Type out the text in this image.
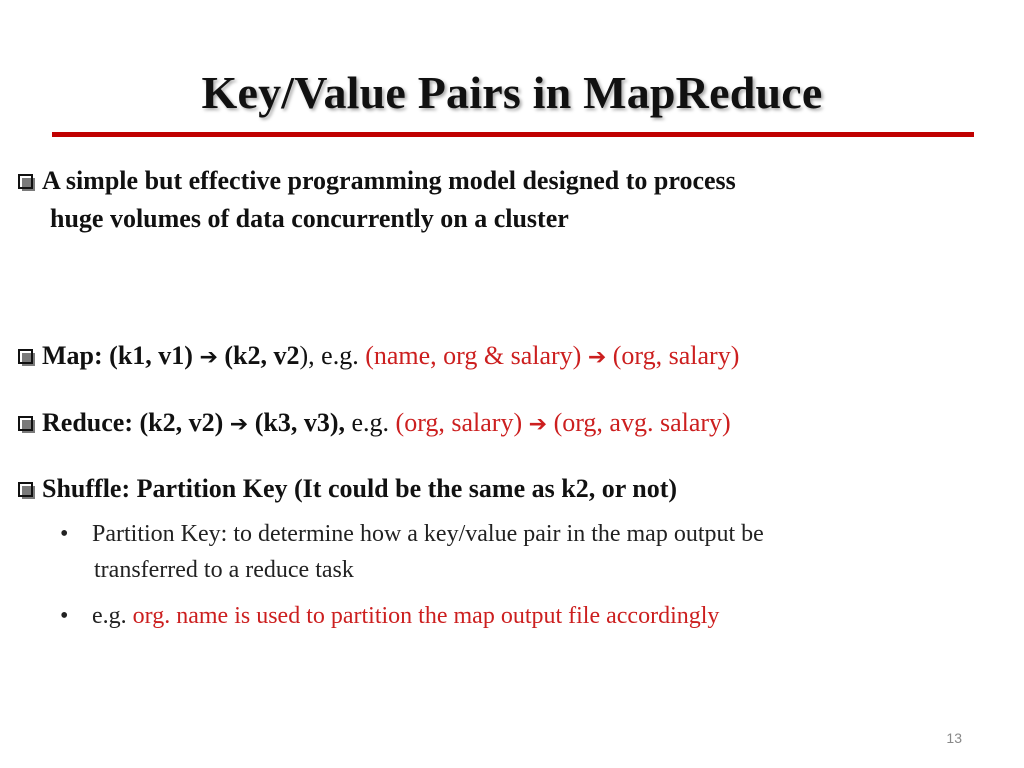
Key/Value Pairs in MapReduce
A simple but effective programming model designed to process
huge volumes of data concurrently on a cluster
Map: (k1, v1) ➔ (k2, v2), e.g. (name, org & salary) ➔ (org, salary)
Reduce: (k2, v2) ➔ (k3, v3), e.g. (org, salary) ➔ (org, avg. salary)
Shuffle: Partition Key (It could be the same as k2, or not)
• Partition Key: to determine how a key/value pair in the map output be
transferred to a reduce task
• e.g. org. name is used to partition the map output file accordingly
13
